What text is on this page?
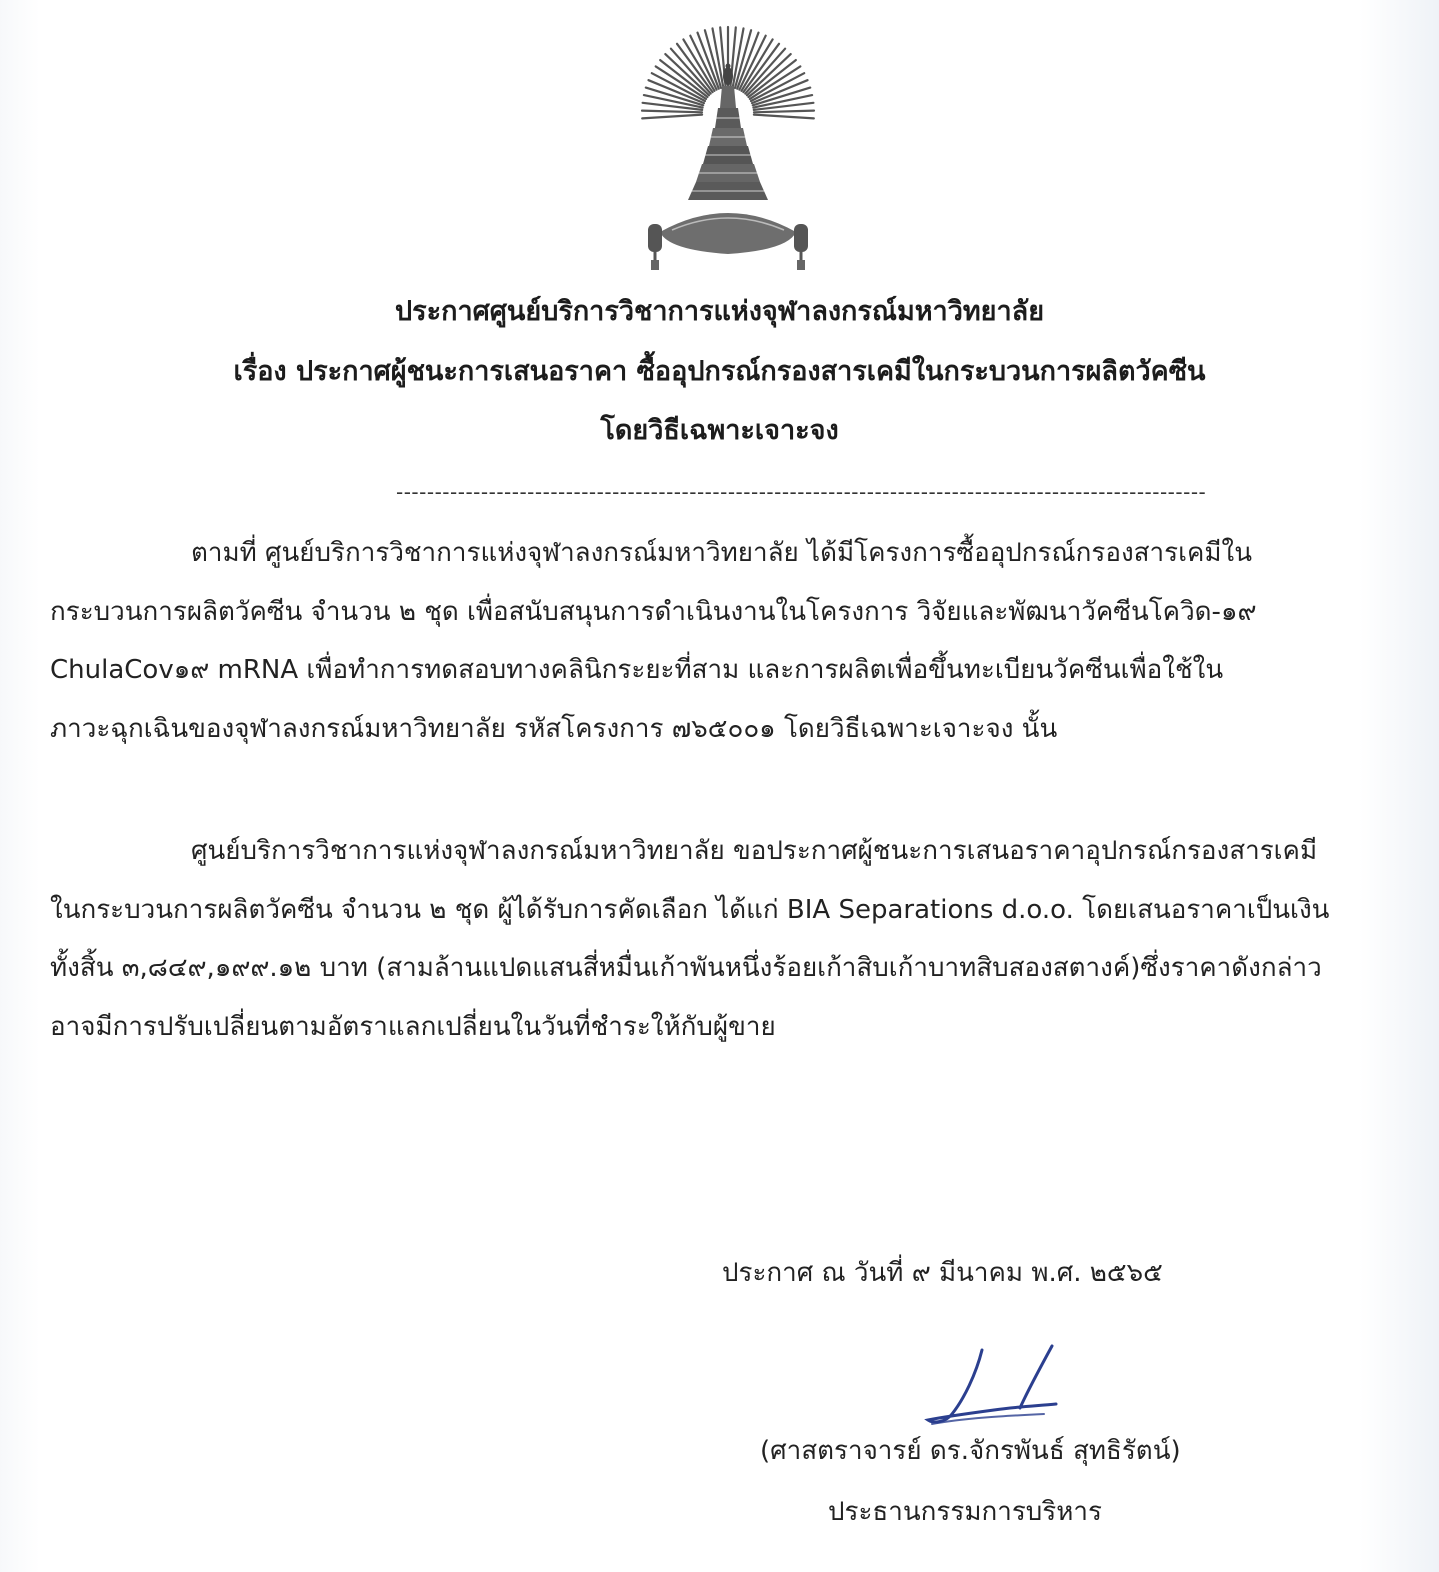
ประกาศศูนย์บริการวิชาการแห่งจุฬาลงกรณ์มหาวิทยาลัย
เรื่อง ประกาศผู้ชนะการเสนอราคา ซื้ออุปกรณ์กรองสารเคมีในกระบวนการผลิตวัคซีน
โดยวิธีเฉพาะเจาะจง
---------------------------------------------------------------------------------------------------------
ตามที่ ศูนย์บริการวิชาการแห่งจุฬาลงกรณ์มหาวิทยาลัย ได้มีโครงการซื้ออุปกรณ์กรองสารเคมีใน
กระบวนการผลิตวัคซีน จำนวน ๒ ชุด เพื่อสนับสนุนการดำเนินงานในโครงการ วิจัยและพัฒนาวัคซีนโควิด-๑๙
ChulaCov๑๙ mRNA เพื่อทำการทดสอบทางคลินิกระยะที่สาม และการผลิตเพื่อขึ้นทะเบียนวัคซีนเพื่อใช้ใน
ภาวะฉุกเฉินของจุฬาลงกรณ์มหาวิทยาลัย รหัสโครงการ ๗๖๕๐๐๑ โดยวิธีเฉพาะเจาะจง นั้น
ศูนย์บริการวิชาการแห่งจุฬาลงกรณ์มหาวิทยาลัย ขอประกาศผู้ชนะการเสนอราคาอุปกรณ์กรองสารเคมี
ในกระบวนการผลิตวัคซีน จำนวน ๒ ชุด ผู้ได้รับการคัดเลือก ได้แก่ BIA Separations d.o.o. โดยเสนอราคาเป็นเงิน
ทั้งสิ้น ๓,๘๔๙,๑๙๙.๑๒ บาท (สามล้านแปดแสนสี่หมื่นเก้าพันหนึ่งร้อยเก้าสิบเก้าบาทสิบสองสตางค์)ซึ่งราคาดังกล่าว
อาจมีการปรับเปลี่ยนตามอัตราแลกเปลี่ยนในวันที่ชำระให้กับผู้ขาย
ประกาศ ณ วันที่ ๙ มีนาคม พ.ศ. ๒๕๖๕
(ศาสตราจารย์ ดร.จักรพันธ์ สุทธิรัตน์)
ประธานกรรมการบริหาร
